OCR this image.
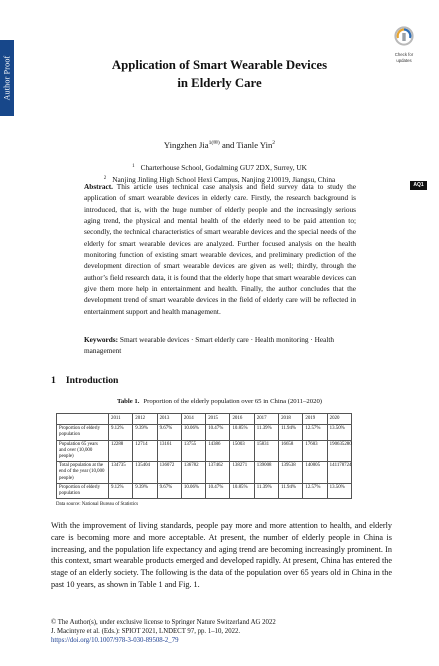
Author Proof
Check for
updates
Application of Smart Wearable Devices
in Elderly Care
Yingzhen Jia$^{1(✉)}$ and Tianle Yin$^2$
$^1$ Charterhouse School, Godalming GU7 2DX, Surrey, UK
$^2$ Nanjing Jinling High School Hexi Campus, Nanjing 210019, Jiangsu, China
AQ1
Abstract. This article uses technical case analysis and field survey data to study the application of smart wearable devices in elderly care. Firstly, the research background is introduced, that is, with the huge number of elderly people and the increasingly serious aging trend, the physical and mental health of the elderly need to be paid attention to; secondly, the technical characteristics of smart wearable devices and the special needs of the elderly for smart wearable devices are analyzed. Further focused analysis on the health monitoring function of existing smart wearable devices, and preliminary prediction of the development direction of smart wearable devices are given as well; thirdly, through the author’s field research data, it is found that the elderly hope that smart wearable devices can give them more help in entertainment and health. Finally, the author concludes that the development trend of smart wearable devices in the field of elderly care will be reflected in entertainment support and health management.
Keywords: Smart wearable devices · Smart elderly care · Health monitoring · Health management
1 Introduction
Table 1. Proportion of the elderly population over 65 in China (2011–2020)
	2011	2012	2013	2014	2015	2016	2017	2018	2019	2020
Proportion of elderly population	9.12%	9.39%	9.67%	10.06%	10.47%	10.85%	11.39%	11.94%	12.57%	13.50%
Population 65 years and over (10,000 people)	12288	12714	13161	13755	14386	15003	15831	16658	17603	190635280
Total population at the end of the year (10,000 people)	134735	135404	136072	136782	137462	138271	139008	139538	140005	141178724
Proportion of elderly population	9.12%	9.39%	9.67%	10.06%	10.47%	10.85%	11.39%	11.94%	12.57%	13.50%
Data source: National Bureau of Statistics
With the improvement of living standards, people pay more and more attention to health, and elderly care is becoming more and more acceptable. At present, the number of elderly people in China is increasing, and the population life expectancy and aging trend are becoming increasingly prominent. In this context, smart wearable products emerged and developed rapidly. At present, China has entered the stage of an elderly society. The following is the data of the population over 65 years old in China in the past 10 years, as shown in Table 1 and Fig. 1.
© The Author(s), under exclusive license to Springer Nature Switzerland AG 2022
J. Macintyre et al. (Eds.): SPIOT 2021, LNDECT 97, pp. 1–10, 2022.
https://doi.org/10.1007/978-3-030-89508-2_79
